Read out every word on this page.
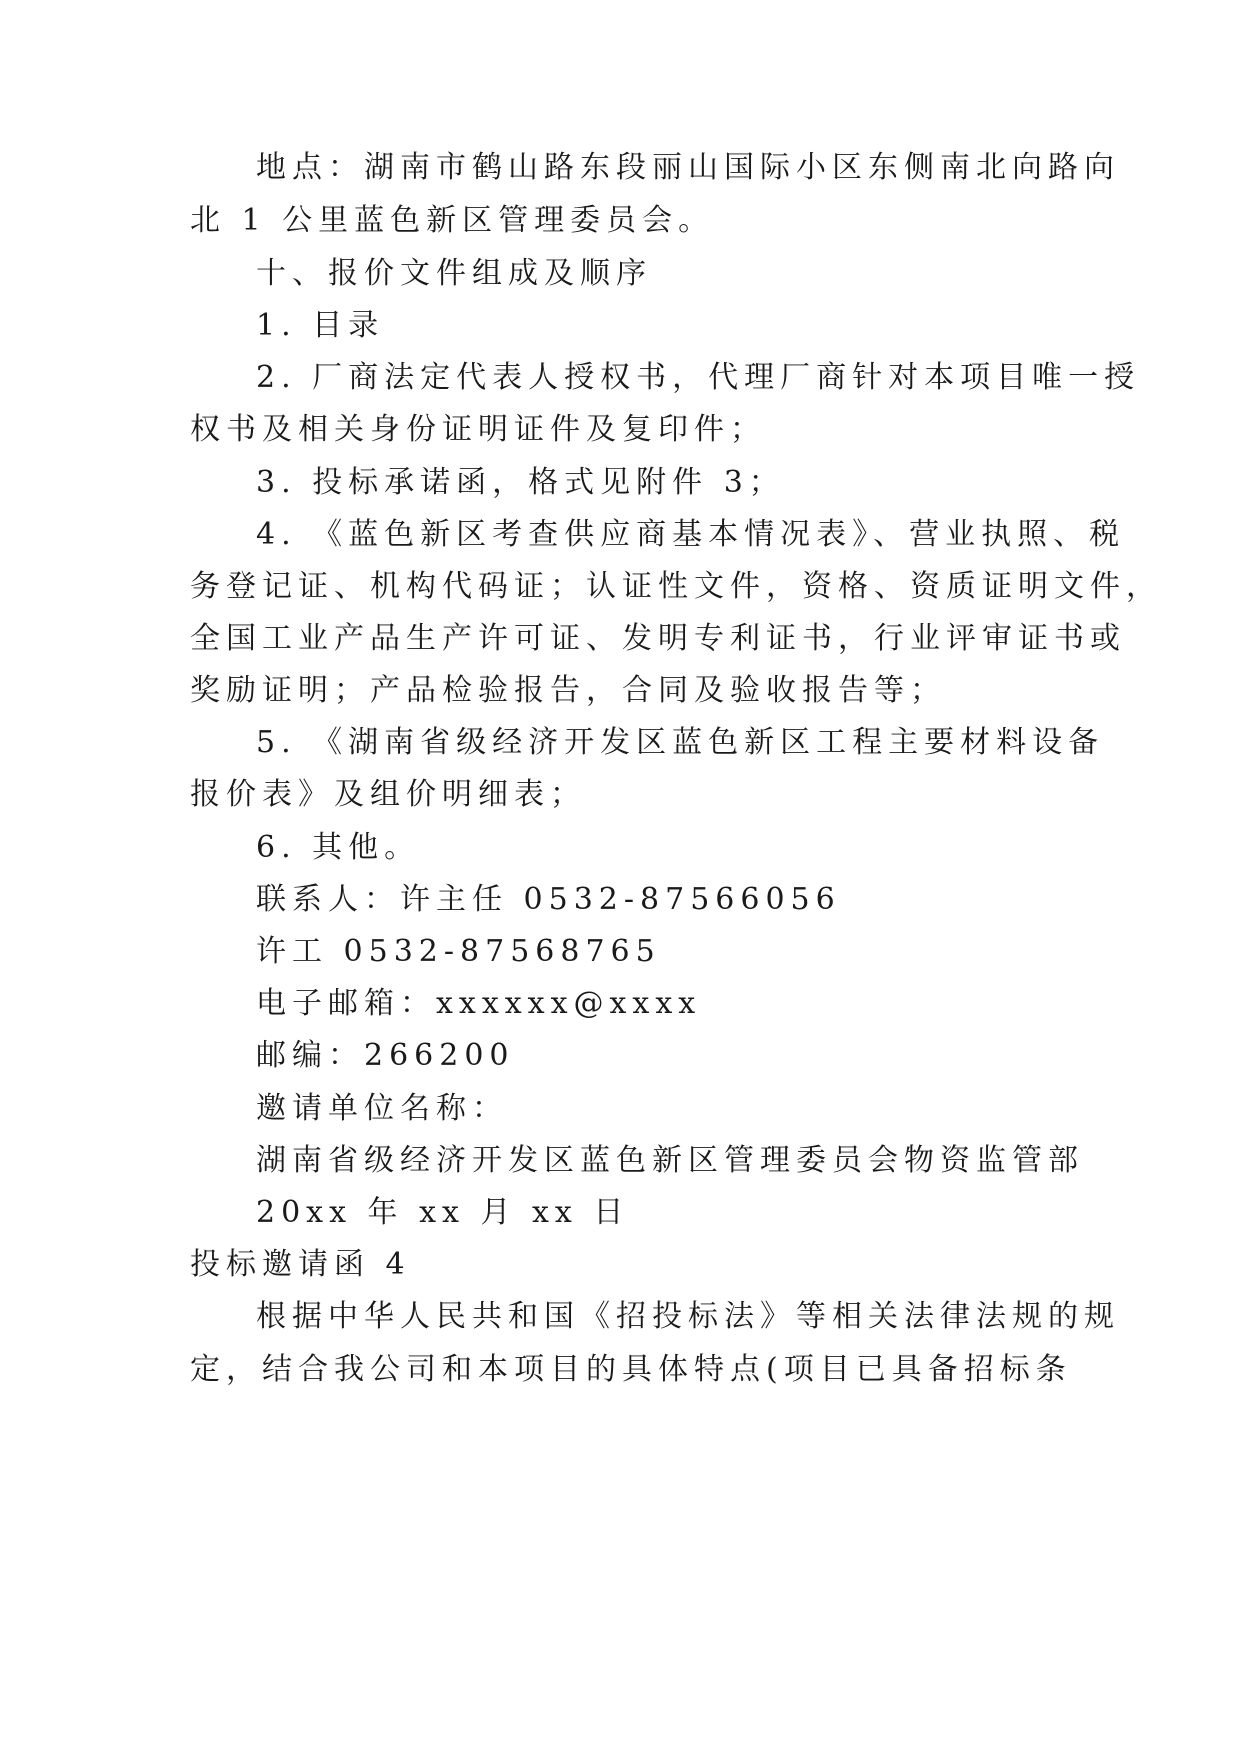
地点：湖南市鹤山路东段丽山国际小区东侧南北向路向
北 1 公里蓝色新区管理委员会。
十、报价文件组成及顺序
1. 目录
2. 厂商法定代表人授权书，代理厂商针对本项目唯一授
权书及相关身份证明证件及复印件；
3. 投标承诺函，格式见附件 3；
4. 《蓝色新区考查供应商基本情况表》、营业执照、税
务登记证、机构代码证；认证性文件，资格、资质证明文件，
全国工业产品生产许可证、发明专利证书，行业评审证书或
奖励证明；产品检验报告，合同及验收报告等；
5. 《湖南省级经济开发区蓝色新区工程主要材料设备
报价表》及组价明细表；
6. 其他。
联系人：许主任 0532-87566056
许工 0532-87568765
电子邮箱：xxxxxx@xxxx
邮编：266200
邀请单位名称：
湖南省级经济开发区蓝色新区管理委员会物资监管部
20xx 年 xx 月 xx 日
投标邀请函 4
根据中华人民共和国《招投标法》等相关法律法规的规
定，结合我公司和本项目的具体特点(项目已具备招标条
